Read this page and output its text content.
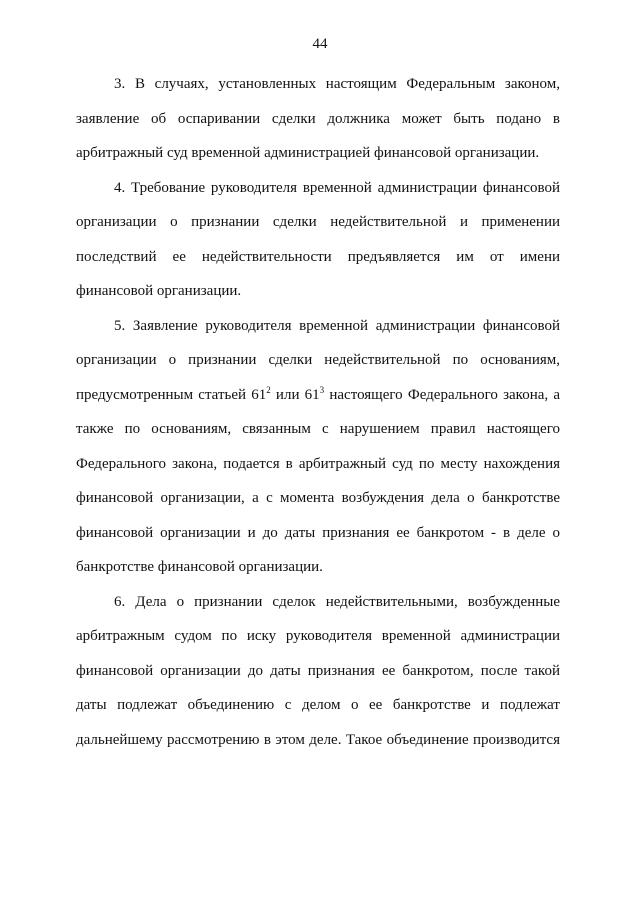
44
3. В случаях, установленных настоящим Федеральным законом,
заявление об оспаривании сделки должника может быть подано в
арбитражный суд временной администрацией финансовой организации.
4. Требование руководителя временной администрации финансовой
организации о признании сделки недействительной и применении
последствий ее недействительности предъявляется им от имени
финансовой организации.
5. Заявление руководителя временной администрации финансовой
организации о признании сделки недействительной по основаниям,
предусмотренным статьей $61^2$ или $61^3$ настоящего Федерального закона, а
также по основаниям, связанным с нарушением правил настоящего
Федерального закона, подается в арбитражный суд по месту нахождения
финансовой организации, а с момента возбуждения дела о банкротстве
финансовой организации и до даты признания ее банкротом - в деле о
банкротстве финансовой организации.
6. Дела о признании сделок недействительными, возбужденные
арбитражным судом по иску руководителя временной администрации
финансовой организации до даты признания ее банкротом, после такой
даты подлежат объединению с делом о ее банкротстве и подлежат
дальнейшему рассмотрению в этом деле. Такое объединение производится
